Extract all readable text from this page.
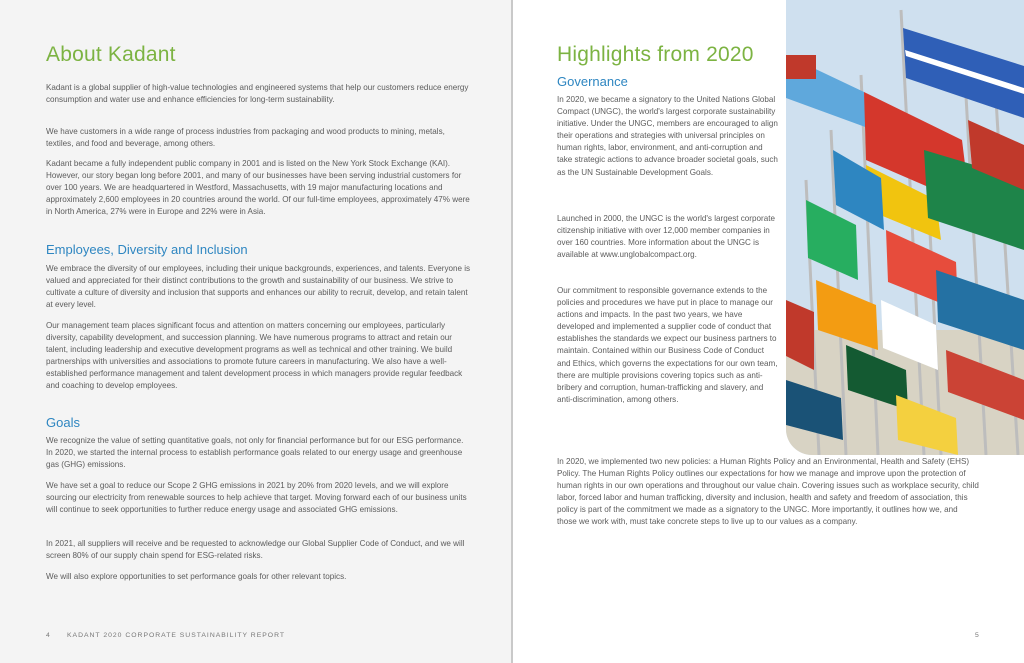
About Kadant

Kadant is a global supplier of high-value technologies and engineered systems that help our customers reduce energy consumption and water use and enhance efficiencies for long-term sustainability.

We have customers in a wide range of process industries from packaging and wood products to mining, metals, textiles, and food and beverage, among others.

Kadant became a fully independent public company in 2001 and is listed on the New York Stock Exchange (KAI). However, our story began long before 2001, and many of our businesses have been serving industrial customers for over 100 years. We are headquartered in Westford, Massachusetts, with 19 major manufacturing locations and approximately 2,600 employees in 20 countries around the world. Of our full-time employees, approximately 47% were in North America, 27% were in Europe and 22% were in Asia.

Employees, Diversity and Inclusion

We embrace the diversity of our employees, including their unique backgrounds, experiences, and talents. Everyone is valued and appreciated for their distinct contributions to the growth and sustainability of our business. We strive to cultivate a culture of diversity and inclusion that supports and enhances our ability to recruit, develop, and retain talent at every level.

Our management team places significant focus and attention on matters concerning our employees, particularly diversity, capability development, and succession planning. We have numerous programs to attract and retain our talent, including leadership and executive development programs as well as technical and other training. We build partnerships with universities and associations to promote future careers in manufacturing. We also have a well-established performance management and talent development process in which managers provide regular feedback and coaching to develop employees.

Goals

We recognize the value of setting quantitative goals, not only for financial performance but for our ESG performance. In 2020, we started the internal process to establish performance goals related to our energy usage and greenhouse gas (GHG) emissions.

We have set a goal to reduce our Scope 2 GHG emissions in 2021 by 20% from 2020 levels, and we will explore sourcing our electricity from renewable sources to help achieve that target. Moving forward each of our business units will continue to seek opportunities to further reduce energy usage and associated GHG emissions.

In 2021, all suppliers will receive and be requested to acknowledge our Global Supplier Code of Conduct, and we will screen 80% of our supply chain spend for ESG-related risks.

We will also explore opportunities to set performance goals for other relevant topics.

4 KADANT 2020 CORPORATE SUSTAINABILITY REPORT
Highlights from 2020
Governance

In 2020, we became a signatory to the United Nations Global Compact (UNGC), the world's largest corporate sustainability initiative. Under the UNGC, members are encouraged to align their operations and strategies with universal principles on human rights, labor, environment, and anti-corruption and take strategic actions to advance broader societal goals, such as the UN Sustainable Development Goals.

Launched in 2000, the UNGC is the world's largest corporate citizenship initiative with over 12,000 member companies in over 160 countries. More information about the UNGC is available at www.unglobalcompact.org.

Our commitment to responsible governance extends to the policies and procedures we have put in place to manage our actions and impacts. In the past two years, we have developed and implemented a supplier code of conduct that establishes the standards we expect our business partners to maintain. Contained within our Business Code of Conduct and Ethics, which governs the expectations for our own team, there are multiple provisions covering topics such as anti-bribery and corruption, human-trafficking and slavery, and anti-discrimination, among others.

In 2020, we implemented two new policies: a Human Rights Policy and an Environmental, Health and Safety (EHS) Policy. The Human Rights Policy outlines our expectations for how we manage and improve upon the protection of human rights in our own operations and throughout our value chain. Covering issues such as workplace security, child labor, forced labor and human trafficking, diversity and inclusion, health and safety and freedom of association, this policy is part of the commitment we made as a signatory to the UNGC. More importantly, it outlines how we, and those we work with, must take concrete steps to live up to our values as a company.

5
